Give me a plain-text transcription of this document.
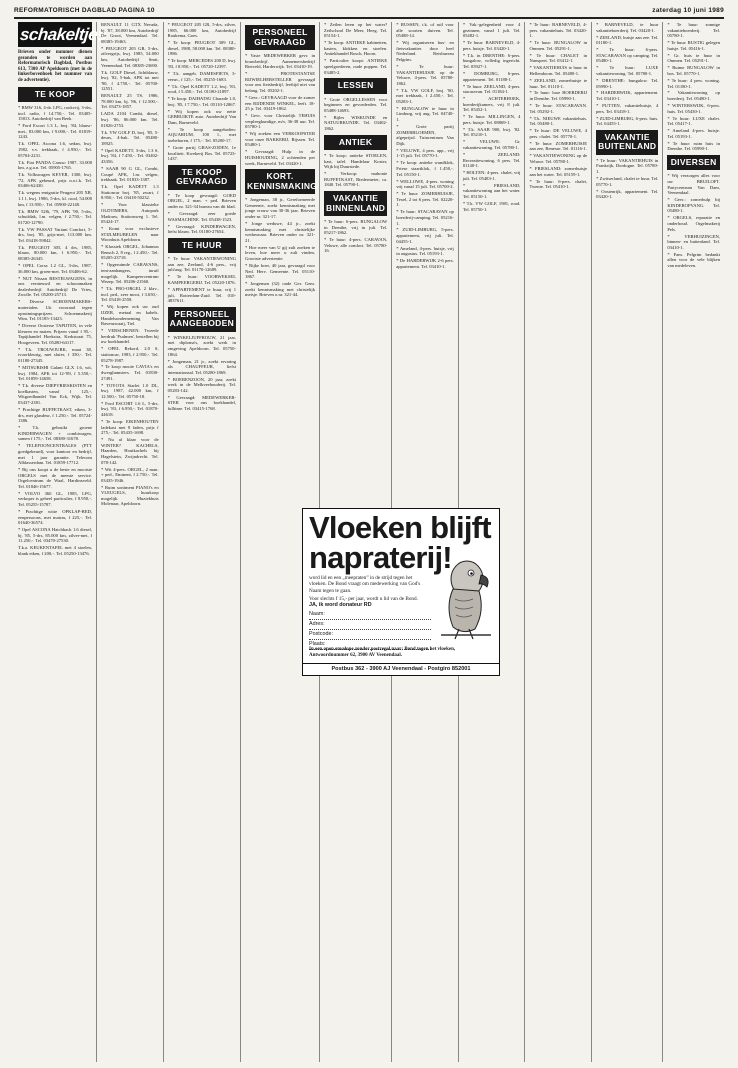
REFORMATORISCH DAGBLAD PAGINA 10	zaterdag 10 juni 1989
schakeltjes
Brieven onder nummer dienen gezonden te worden aan Reformatorisch Dagblad, Postbus 613, 7300 AP Apeldoorn (met in de linkerbovenhoek het nummer van de advertentie).
TE KOOP

* BMW 316, 4-dr. LPG, rookvrij, 3-drs, incl. radio, f 14.750,-. Tel. 03405-15813. Autobedrijf van Beek.

* Ford Escort 1.3 L, bwj. '84, blauw-met., 83.000 km, f 9.000,-. Tel. 01819-1243.

T.k. OPEL Ascona 1.6, sedan, bwj. 1982, v.v. trekhaak, f 4.950,-. Tel. 05704-2231.

T.k. Fiat PANDA Caruso 1987, 33.000 km, z.g.a.n. Tel. 05905-1765.

T.k. Volkswagen KEVER, 1300, bwj. '72, APK gekeurd, prijs n.o.t.k. Tel. 03406-62430.

T.k. wegens emigratie Peugeot 205 XR, 1.1 l, bwj. 1986, 5-drs, kl. rood, 54.000 km, f 13.950,-. Tel. 05900-22148.

T.k. BMW 528i, '79, APK '90, 5-drs, schuifdak, l.m. velgen, f 2.750,-. Tel. 01720-12790.

T.k. VW PASSAT Variant Comfort, 5-drs, bwj. '85, grijs-met, 113.000 km. Tel. 03418-59842.

T.k. PEUGEOT 305, 4 drs, 1985, blauw, 80.000 km, f 6.950,-. Tel. 08385-26345.

* OPEL Corsa 1.2 GL, 3-drs, 1987, 36.000 km, groen-met. Tel. 03406-62.

* NUT Nissan BESTELWAGENS, in ons vernieuwd en schoonmaken dealerbedrijf. Autobedrijf De Vries, Zwolle. Tel. 05200-25713.

* Diverse SCHOENMAKERS-materialen. Uit voorraad tegen opruimingsprijzen. Schoenmakerij Wim. Tel. 01185-13423.

* Diverse Oosterse TAPIJTEN, in vele kleuren en maten. Prijzen vanaf f 95,-. Tapijthandel Hoekstra, Kerkstraat 75, Hoogeveen. Tel. 05280-64117.

* T.k. TROUWJURK, maat 38, ivoorkleurig, met sluier, f 350,-. Tel. 01180-27345.

* MITSUBISHI Galant GLX 1.6, wit, bwj. 1984, APK tot 12-'89, f 5.350,-. Tel. 01859-14658.

* T.k. diverse DIEPVRIESKISTEN en koelkasten, vanaf f 125,-. Witgoedhandel Van Eck, Wijk. Tel. 03437-2381.

* Prachtige BUFFETKAST, eiken, 3-drs, met glasdeur, f 1.250,-. Tel. 05724-1386.

* T.k. gebruikt groene KINDERWAGEN + combiwagen, samen f 175,-. Tel. 08380-31678.

* TELEFOONCENTRALES (PTT goedgekeurd), voor kantoor en bedrijf, met 1 jaar garantie. Telecom Alblasserdam. Tel. 01859-17712.

* Bij ons koopt u de beste en mooiste ORGELS met de meeste service. Orgelcentrum de Waal, Hardinxveld. Tel. 01846-15677.

* VOLVO 360 GL, 1985, LPG, verkoper is geheel particulier, f 8.950,-. Tel. 05255-15787.

* Prachtige witte OPKLAP-BED, eenpersoons, met matras, f 225,-. Tel. 01640-36574.

* Opel ASCONA Hatchback 1.6 diesel, bj. '85, 5-drs, 85.000 km, zilver-met, f 11.250,-. Tel. 03470-27530.

T.k.a. KEUKENTAFEL met 4 stoelen, blank eiken, f 200,-. Tel. 05250-13476.

RENAULT 11 GTX Nevada, bj. '87, 38.000 km, Autobedrijf De Groot, Veenendaal. Tel. 08385-19463.

* PEUGEOT 205 GR, 5-drs, zilvergrijs, bwj. 1985, 54.000 km, Autobedrijf Smit, Veenendaal. Tel. 08385-23690.

T.k. GOLF Diesel, lichtblauw, bwj. '82, 5-bak, APK tot mei '90, f 4.750,-. Tel. 05700-12551.

RENAULT 25 TS, 1986, 78.000 km, bj. '86, f 12.500,-. Tel. 03473-1857.

LADA 2104 Combi, diesel, bwj. '86, 86.000 km. Tel. 01826-2753.

T.k. VW GOLF D, bwj. '85, 5-deurs, 4-bak. Tel. 05480-18925.

* Opel KADETT, 3-drs, 1.3 S, bwj. '84, f 7.450,-. Tel. 03402-43356.

* SAAB 90 G GL, Combi, Coupé APK, l.m. velgen, trekhaak. Tel. 01833-1387.

T.k. Opel KADETT 1.3 Stationcar bwj. '85, zwart, f 8.950,-. Tel. 03418-50232.

* Voor klassieke OLDTIMERS, Autopark Madouw, Stationsweg 1. Tel. 05424-17.

* Komt voor exclusieve STIJLMEUBELEN naar Woonhuis Apeldoorn.

* Klassiek ORGEL, Johannus Rensch 2, 8 reg., f 2.450,-. Tel. 05205-23718.

* Opgeruimde CARAVANS, tent-aanhangers, inruil mogelijk. Kampeercentrum Wezep. Tel. 05206-21560.

* T.k. PRO-ORGEL 2 klav., incl. ped., zeer mooi, f 3.650,-. Tel. 03418-2558.

* Wij kopen ook uw oud IJZER, metaal en kabels. Handelsonderneming Van Ravenzwaaij, Tiel.

* VERSCHENEN: Tweede herdruk 'Psalmen', bestellen bij uw boekhandel.

* OPEL Rekord, 2.0 S, stationcar, 1983, f 2.950,-. Tel. 05278-1987.

* Te koop mooie CAVIA's en dwerghamsters. Tel. 01830-27491.

* TOYOTA Starlet 1.0 DL, bwj. 1987, 42.000 km, f 12.500,-. Tel. 05750-18.

* Ford ESCORT 1.6 L, 5-drs, bwj. '83, f 6.950,-. Tel. 01870-44618.

* Te koop: EIKENHOUTEN ladekast met 8 laden, prijs f 275,-. Tel. 05435-1698.

* Nu al klaar voor de WINTER? KACHELS, Haarden, Houtkachels bij Hagelstein, Zwijndrecht. Tel. 078-142.

* Wit 4-pers. ORGEL, 2 man. + ped., Eminent, f 2.750,-. Tel. 03435-1946.

* Ruim sortiment PIANO's en VLEUGELS, huurkoop mogelijk. Muziekhuis Molenaar, Apeldoorn.

* PEUGEOT 205 GR, 5-drs, zilver, 1985, 66.000 km, Autobedrijf Roukema, Goes.

* Te koop: PEUGEOT 309 GL, diesel, 1988, 58.000 km. Tel. 08380-1986.

* Te koop: MERCEDES 200 D, bwj. '83, f 8.950,-. Tel. 05720-12397.

* T.k. aangeb. DAMESFIETS, 3-versn., f 125,-. Tel. 05255-1683.

* T.k. Opel KADETT 1.2, bwj. '83, rood, f 5.450,-. Tel. 01180-21897.

* Te koop: DAIHATSU Charade 1.0, bwj. '85, f 7.750,-. Tel. 05110-12867.

* Wij kopen ook uw nette GEBRUIKTE auto. Autobedrijf Van Dam, Barneveld.

* Te koop aangeboden: AQUARIUM, 100 l., met toebehoren, f 175,-. Tel. 05200-17.

* Grote partij GRAS-ZODEN, 1e kwaliteit. Kwekerij Bos. Tel. 05723-1437.

TE KOOP GEVRAAGD

* Te koop gevraagd: GOED ORGEL, 2 man. + ped. Brieven onder nr. 321-34 bureau van dit blad.

* Gevraagd: zeer goede WASMACHINE. Tel. 05438-1523.

* Gevraagd: KINDERWAGEN, liefst blauw. Tel. 01180-27654.

TE HUUR

* Te huur: VAKANTIEWONING aan zee, Zeeland, 4-6 pers., vrij juli/aug. Tel. 01170-12689.

* Te huur: VOORWEKSEL KAMPEERGERIJ. Tel. 05220-1876.

* APPARTEMENT te huur, vrij 1 juli, Rotterdam-Zuid. Tel. 010-4837611.

PERSONEEL AANGEBODEN

* WINKELJUFFROUW, 21 jaar, met diploma's, zoekt werk in omgeving Apeldoorn. Tel. 05750-1864.

* Jongeman, 21 jr., zoekt ervaring als CHAUFFEUR, liefst internationaal. Tel. 05280-1869.

* BOERENZOON, 20 jaar, zoekt werk in de Melkveehouderij. Tel. 05283-142.

* Gevraagd: MEDEWERKER-STER voor ons boekhandel, fulltime. Tel. 03415-1768.

PERSONEEL GEVRAAGD

* Vaste MEDEWERKER gevr. in bouwbedrijf. Aannemersbedrijf Rietveld, Harderwijk. Tel. 03410-19.

* PROTESTANTSE RIJWIELHERSTELLER gevraagd voor ons fietsbedrijf, leeftijd niet van belang. Tel. 05202-1.

* Gevr.: GEVRAAGD voor de zomer een RIJDENDE WINKEL, leeft. 18-25 jr. Tel. 03419-1862.

* Gevr. voor Christelijk TEHUIS verpleegkundige, m/v, 36-38 uur. Tel. 05780-1.

* Wij zoeken een VERKOOPSTER voor onze BAKKERIJ, Rijssen. Tel. 05480-1.

* Gevraagd: Hulp in de HUISHOUDING, 2 ochtenden per week, Barneveld. Tel. 03420-1.

KORT. KENNISMAKING

* Jongeman, 38 jr., Gereformeerde Gemeente, zoekt kennismaking met jonge vrouw van 30-36 jaar. Brieven onder nr. 321-17.

* Jonge weduwe, 44 jr., zoekt kennismaking met christelijke weduwnaar. Brieven onder nr. 321-21.

* Hoe meer van U gij zult zoeken te leven, hoe meer u zult vinden, Grootste advertentie.

* Rijke boer, 40 jaar, gevraagd voor Ned. Herv. Gemeente. Tel. 05110-1867.

* Jongeman (32) oude Ger. Gem. zoekt kennismaking met christelijk meisje. Brieven o.nr. 321-44.

* Zeilen leren op het water? Zeilschool De Meer, Heeg. Tel. 05154-1.

* Te koop: ANTIEKE kabinetten, kasten, klokken en stoelen. Antiekhandel Bosch, Hoorn.

* Particulier koopt: ANTIEKE speelgoederen, oude poppen. Tel. 03485-2.

LESSEN

* Grote ORGELLESSEN voor beginners en gevorderden. Tel. 05488-14693.

* Bijles WISKUNDE en NATUURKUNDE. Tel. 03402-1862.

ANTIEK

* Te koop: antieke STOELEN, kast, tafel. Handelaar Koster, Wijk bij Duurstede.

* Verkoop: mahonie BUFFETKAST, Biedermeier, ca. 1840. Tel. 05790-1.

VAKANTIE BINNENLAND

* Te huur: 6-pers. BUNGALOW in Drenthe, vrij in juli. Tel. 05217-1862.

* Te huur: 4-pers. CARAVAN, Veluwe, alle comfort. Tel. 05780-16.

* RUSSEN, t.k. of ruil voor alle soorten duiven. Tel. 05488-14.

* Wij organiseren bus- en fietsvakanties door heel Nederland. Reisbureau Pelgrim.

* Te huur: VAKANTIEHUISJE op de Veluwe, 4-pers. Tel. 05780-1862.

* T.k. VW GOLF, bwj. '80, met trekhaak, f 2.450,-. Tel. 05283-1.

* BUNGALOW te huur in Limburg, vrij aug. Tel. 04740-1.

* Grote partij ZOMERBLOEMEN, afgeprijsd. Tuincentrum Van Dijk.

* VELUWE, 4 pers. app., vrij 1-15 juli. Tel. 05770-1.

* Te koop: antieke wandklok, Friese staartklok, f 1.450,-. Tel. 05150-1.

* WELLOWE, 4-pers. woning vrij vanaf 15 juli. Tel. 05700-2.

* Te huur: ZOMERHUISJE, Texel, 2 tot 6 pers. Tel. 02220-1.

* Te huur: STACARAVAN op boerderij-camping. Tel. 05216-1.

* ZUID-LIMBURG, 5-pers. appartement, vrij juli. Tel. 04455-1.

* Ameland, 4-pers. huisje, vrij in augustus. Tel. 05193-1.

* De HARDERWIJK 2-6 pers. appartement. Tel. 03410-1.

* Vak.-gelegenheid voor 4 gezinnen, vanaf 1 juli. Tel. 05482-1.

* Te huur: BARNEVELD, 4-pers. huisje. Tel. 03420-1.

* T.k. in DRENTHE: 6-pers. bungalow, volledig ingericht. Tel. 05927-1.

* DOMBURG, 6-pers. appartement. Tel. 01188-1.

* Te huur: ZEELAND, 4-pers. stacaravan. Tel. 01184-1.

* ACHTERHOEK, boerderijkamers, vrij 8 juli. Tel. 05452-1.

* Te huur: MILLINGEN, 4 pers. huisje. Tel. 08869-1.

* T.k. SAAB 900, bwj. '82. Tel. 05210-1.

* VELUWE: Gr. vakantiewoning. Tel. 05780-1.

* ZEELAND: Recreatiewoning, 6 pers. Tel. 01140-1.

* HOLTEN: 4-pers. chalet, vrij juli. Tel. 05483-1.

* FRIESLAND, vakantiewoning aan het water. Tel. 05150-1.

* T.k. VW GOLF, 1981, rood. Tel. 05750-1.

* Te huur: BARNEVELD, 4-pers. vakantiehuis. Tel. 03420-1.

* Te huur: BUNGALOW in Ommen. Tel. 05291-1.

* Te huur: CHALET in Nunspeet. Tel. 03412-1.

* VAKANTIEHUIS te huur in Hellendoorn. Tel. 05480-1.

* ZEELAND, zomerhuisje te huur. Tel. 01110-1.

* Te huur: luxe BOERDERIJ in Drenthe. Tel. 05990-1.

* Te huur: STACARAVAN. Tel. 05292-1.

* T.k. NIEUWE vakantiehuis. Tel. 05480-1.

* Te huur: DE VELUWE, 4 pers. chalet. Tel. 05770-1.

* Te huur: ZOMERHUISJE aan zee, Renesse. Tel. 01116-1.

* VAKANTIEWONING op de Veluwe. Tel. 05780-1.

* FRIESLAND: zomerhuisje aan het water. Tel. 05159-1.

* Te huur: 6-pers. chalet, Twente. Tel. 05410-1.

* BARNEVELD, te huur vakantieboerderij. Tel. 03420-1.

* ZEELAND, huisje aan zee. Tel. 01180-1.

* Te huur: 6-pers. STACARAVAN op camping. Tel. 05480-1.

* Te huur: LUXE vakantiewoning. Tel. 05780-1.

* DRENTHE: bungalow. Tel. 05990-1.

* HARDERWIJK, appartement. Tel. 03410-1.

* PUTTEN, vakantiehuisje, 4 pers. Tel. 03418-1.

* ZUID-LIMBURG, 6-pers. huis. Tel. 04455-1.

VAKANTIE BUITENLAND

* Te huur: VAKANTIEHUIS in Frankrijk, Dordogne. Tel. 05780-1.

* Zwitserland, chalet te huur. Tel. 05770-1.

* Oostenrijk, appartement. Tel. 03420-1.

* Te huur: zonnige vakantieboerderij. Tel. 05780-1.

* Te huur: RUSTIG gelegen huisje. Tel. 05416-1.

* Gr. huis te huur in Ommen. Tel. 05291-1.

* Ruime BUNGALOW in bos. Tel. 05770-1.

* Te huur: 4 pers. woning. Tel. 01180-1.

* Vakantiewoning op boerderij. Tel. 05480-1.

* WINTERSWIJK, 6-pers. huis. Tel. 05430-1.

* Te huur: LUXE chalet. Tel. 05417-1.

* Ameland 4-pers. huisje. Tel. 05193-1.

* Te huur: ruim huis in Drenthe. Tel. 05990-1.

DIVERSEN

* Wij verzorgen alles voor uw BRUILOFT. Partycentrum Van Dam, Veenendaal.

* Gevr.: zomerhulp bij KINDEROPVANG. Tel. 05480-1.

* ORGELS, reparatie en onderhoud. Orgelmakerij Pels.

* VERHUIZINGEN, binnen- en buitenland. Tel. 03410-1.

* Fam. Pelgrim bedankt allen voor de vele blijken van medeleven.

Vloeken blijft napraterij!

word lid en een „meepraten” in de strijd tegen het vloeken. De Bond vraagt om medewerking van God's Naam tegen te gaan.

Voor slechts f 15,- per jaar, wordt u lid van de Bond.

JA, ik word donateur RD
Naam:
Adres:
Postcode:
Plaats:
In een open envelope zonder postzegel naar: Bond tegen het vloeken, Antwoordnummer 62, 3900 AV Veenendaal.
Postbus 362 - 3900 AJ Veenendaal - Postgiro 852001
